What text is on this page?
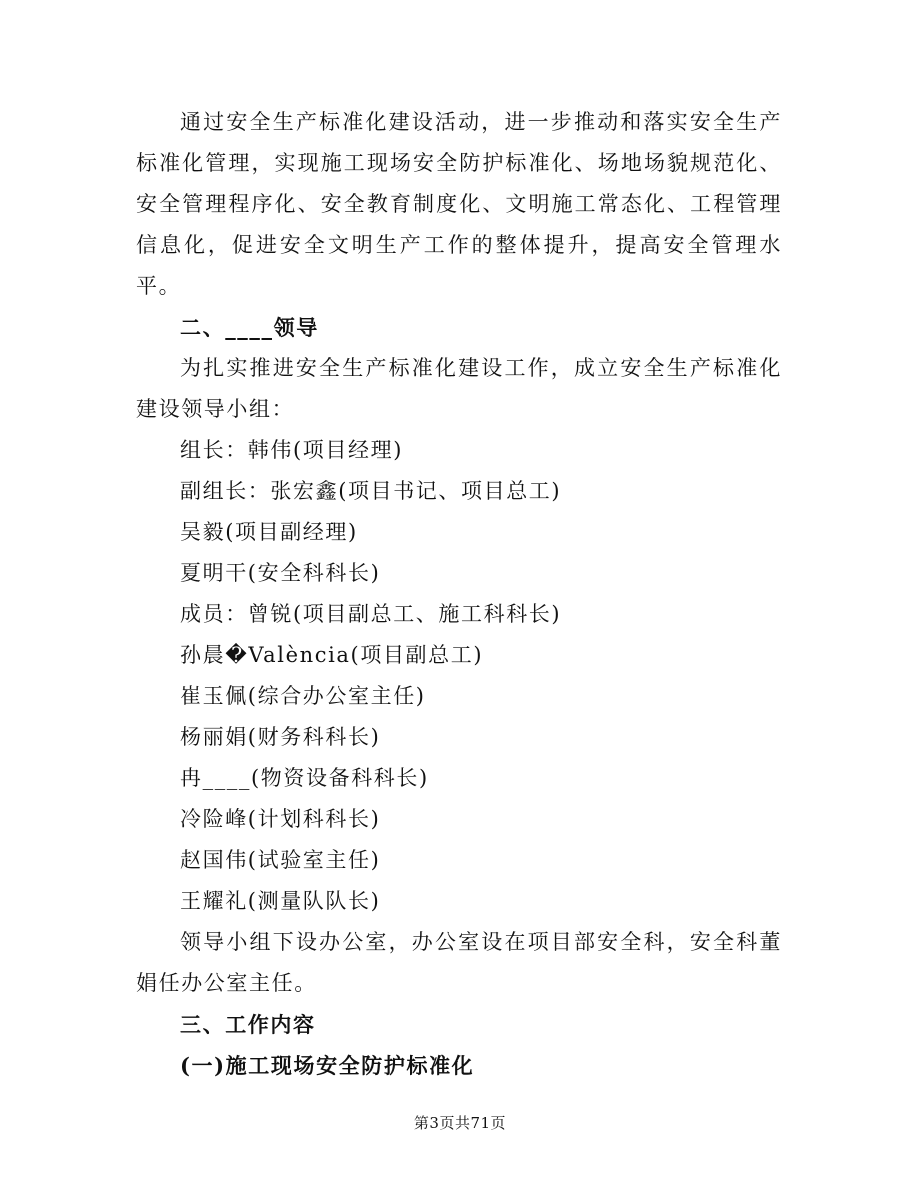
通过安全生产标准化建设活动，进一步推动和落实安全生产标准化管理，实现施工现场安全防护标准化、场地场貌规范化、安全管理程序化、安全教育制度化、文明施工常态化、工程管理信息化，促进安全文明生产工作的整体提升，提高安全管理水平。

二、____领导

为扎实推进安全生产标准化建设工作，成立安全生产标准化建设领导小组：

组长：韩伟(项目经理)

副组长：张宏鑫(项目书记、项目总工)

吴毅(项目副经理)

夏明干(安全科科长)

成员：曾锐(项目副总工、施工科科长)

孙晨�València(项目副总工)

崔玉佩(综合办公室主任)

杨丽娟(财务科科长)

冉____(物资设备科科长)

冷险峰(计划科科长)

赵国伟(试验室主任)

王耀礼(测量队队长)

领导小组下设办公室，办公室设在项目部安全科，安全科董娟任办公室主任。

三、工作内容

(一)施工现场安全防护标准化

第3页共71页
